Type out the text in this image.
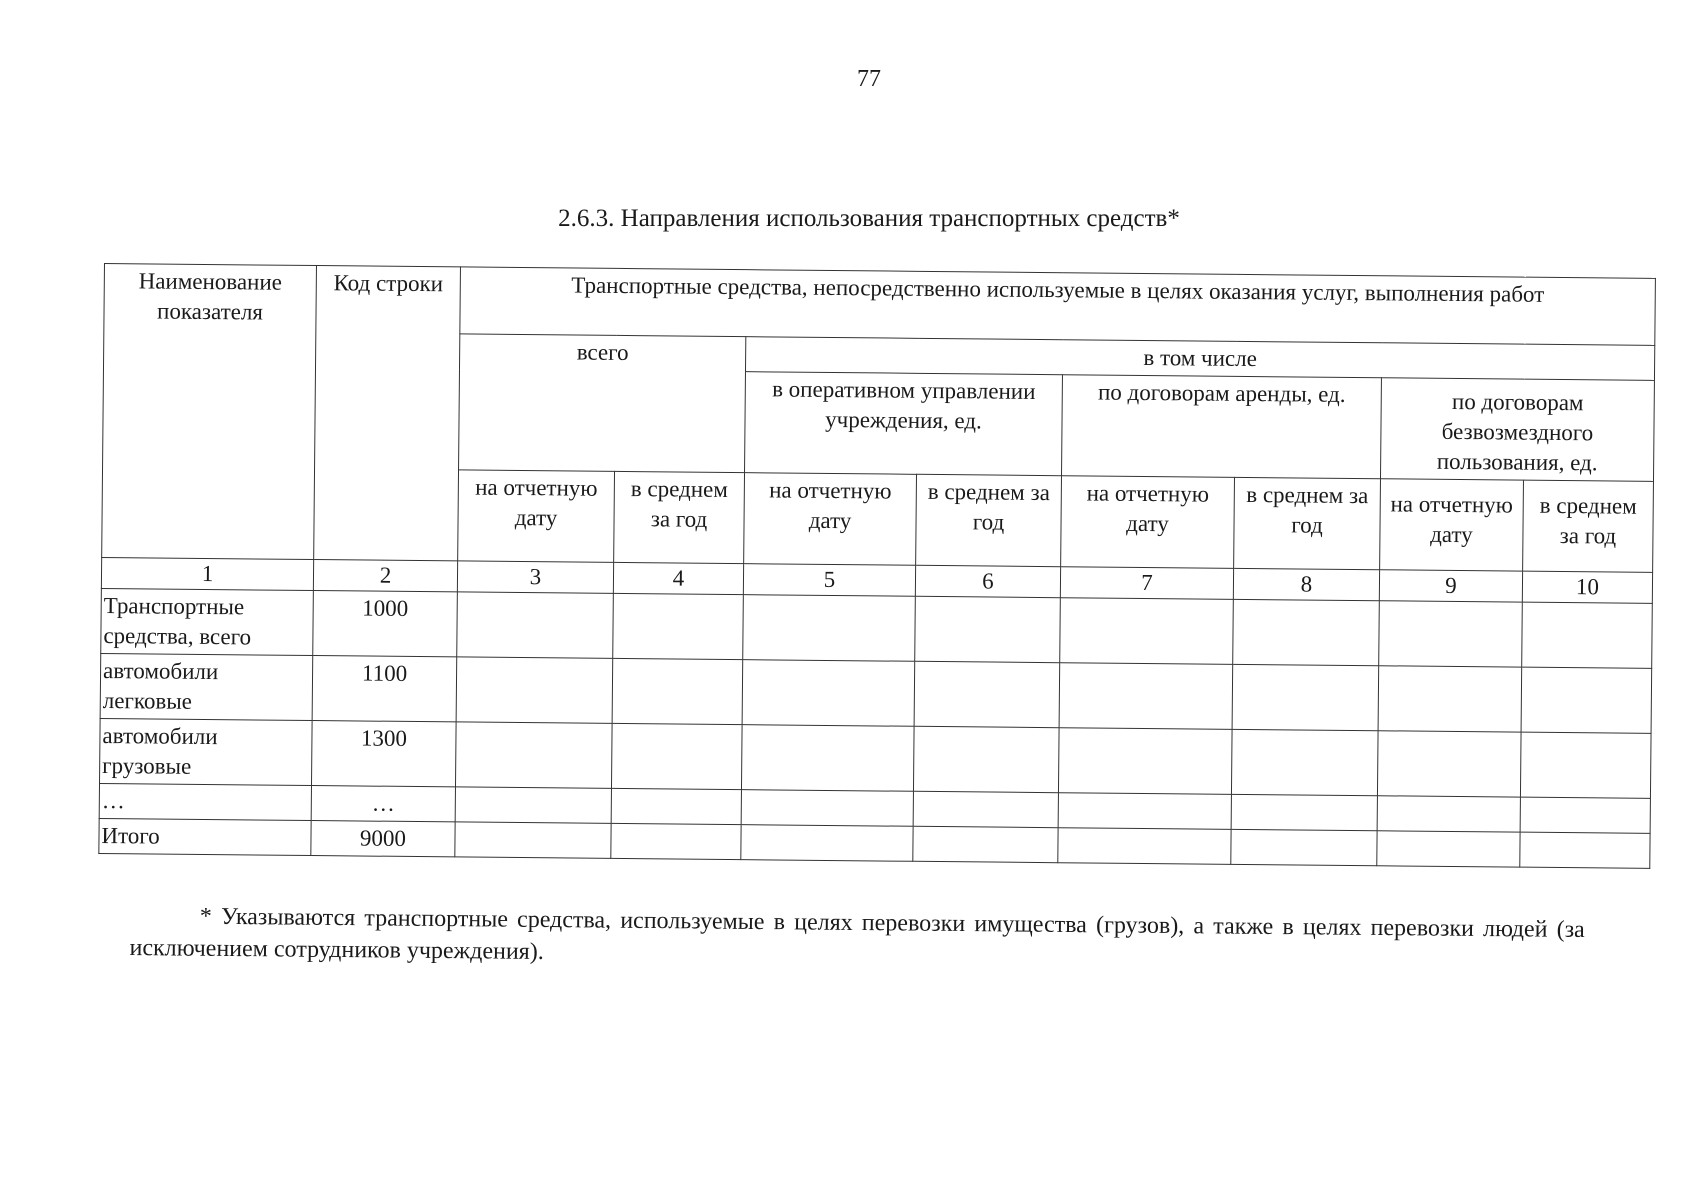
77
2.6.3. Направления использования транспортных средств*
Наименование показателя	Код строки	Транспортные средства, непосредственно используемые в целях оказания услуг, выполнения работ							
		всего		в том числе					
				в оперативном управлении учреждения, ед.		по договорам аренды, ед.		по договорам безвозмездного пользования, ед.	

		на отчетную дату	в среднем за год	на отчетную дату	в среднем за год	на отчетную дату	в среднем за год	на отчетную дату	в среднем за год
1	2	3	4	5	6	7	8	9	10
Транспортные средства, всего	1000								
автомобили легковые	1100								
автомобили грузовые	1300								
…	…								
Итого	9000								
* Указываются транспортные средства, используемые в целях перевозки имущества (грузов), а также в целях перевозки людей (за исключением сотрудников учреждения).
